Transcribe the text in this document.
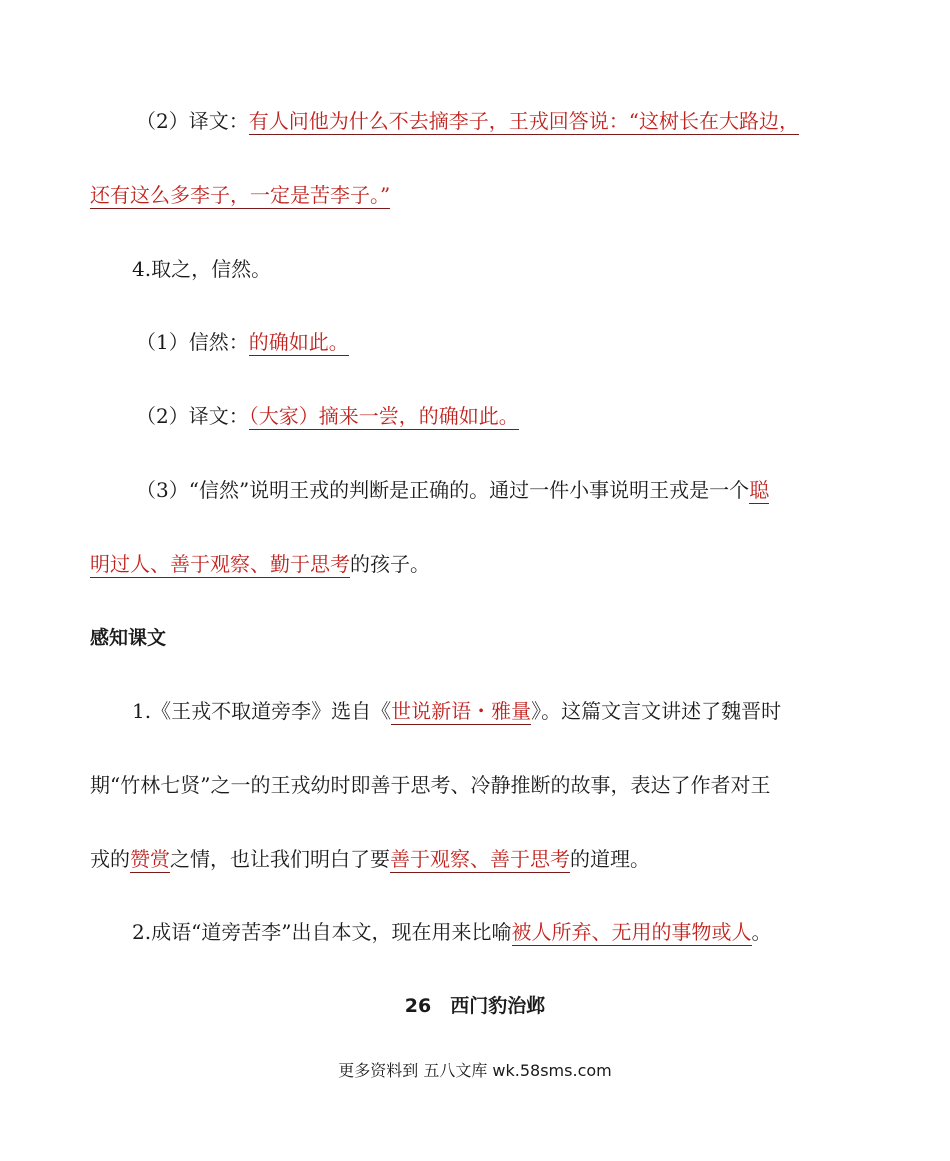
（2）译文：有人问他为什么不去摘李子，王戎回答说：“这树长在大路边，
还有这么多李子，一定是苦李子。”
4.取之，信然。
（1）信然：的确如此。
（2）译文：（大家）摘来一尝，的确如此。
（3）“信然”说明王戎的判断是正确的。通过一件小事说明王戎是一个聪
明过人、善于观察、勤于思考的孩子。
感知课文
1.《王戎不取道旁李》选自《世说新语・雅量》。这篇文言文讲述了魏晋时
期“竹林七贤”之一的王戎幼时即善于思考、冷静推断的故事，表达了作者对王
戎的赞赏之情，也让我们明白了要善于观察、善于思考的道理。
2.成语“道旁苦李”出自本文，现在用来比喻被人所弃、无用的事物或人。
26　西门豹治邺
更多资料到 五八文库 wk.58sms.com
